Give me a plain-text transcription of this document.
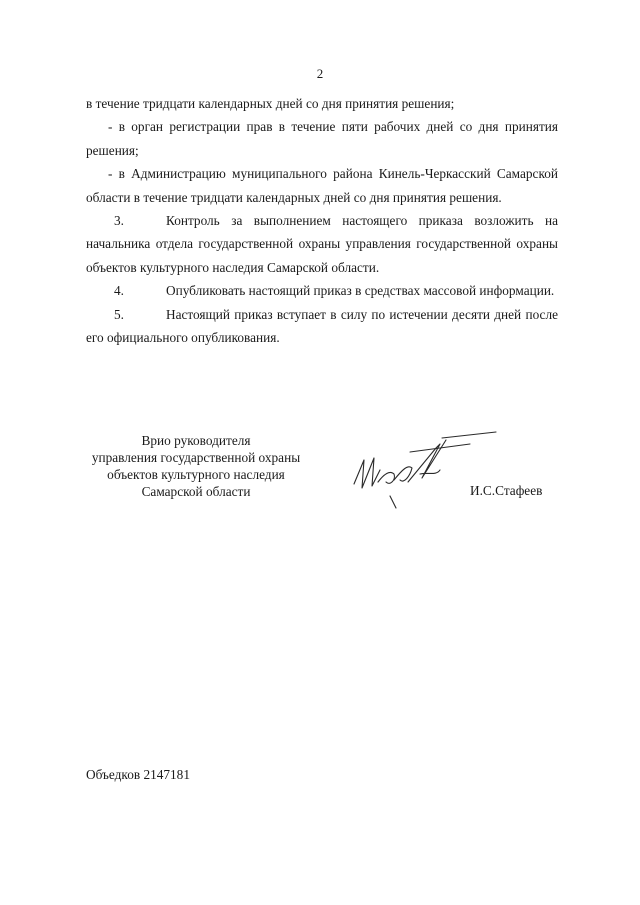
2

в течение тридцати календарных дней со дня принятия решения;

- в орган регистрации прав в течение пяти рабочих дней со дня принятия решения;

- в Администрацию муниципального района Кинель-Черкасский Самарской области в течение тридцати календарных дней со дня принятия решения.

3.	Контроль за выполнением настоящего приказа возложить на начальника отдела государственной охраны управления государственной охраны объектов культурного наследия Самарской области.

4.	Опубликовать настоящий приказ в средствах массовой информации.

5.	Настоящий приказ вступает в силу по истечении десяти дней после его официального опубликования.

Врио руководителя
управления государственной охраны
объектов культурного наследия
Самарской области	И.С.Стафеев
Объедков 2147181
